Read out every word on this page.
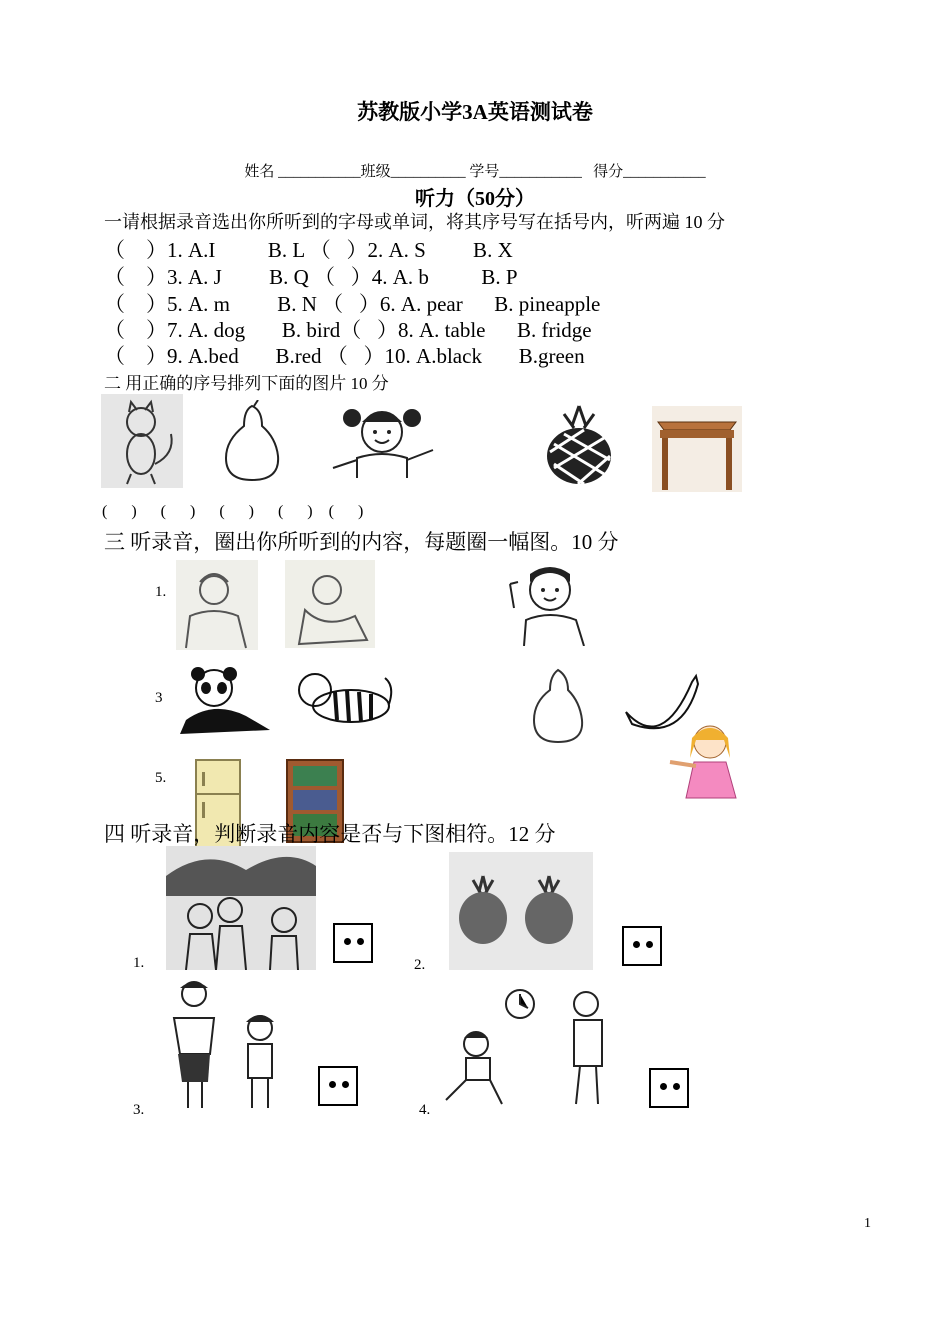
苏教版小学3A英语测试卷
姓名 ___________班级__________ 学号___________   得分___________
听力（50分）
一请根据录音选出你所听到的字母或单词，将其序号写在括号内，听两遍 10 分
（    ）1. A.I          B. L （   ）2. A. S         B. X
（    ）3. A. J         B. Q （   ）4. A. b          B. P
（    ）5. A. m         B. N （   ）6. A. pear      B. pineapple
（    ）7. A. dog       B. bird（   ）8. A. table      B. fridge
（    ）9. A.bed       B.red （   ）10. A.black       B.green
二 用正确的序号排列下面的图片 10 分
(      )      (      )      (      )      (      )    (      )
三 听录音，圈出你所听到的内容，每题圈一幅图。10 分
1.
3
5.
四 听录音，判断录音内容是否与下图相符。12 分
1.	2.
3.	4.
1
